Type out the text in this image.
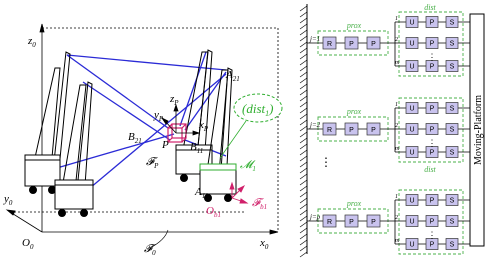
(dist$_1$)
$z_0$
$x_0$
$y_0$
$O_0$	𝓕$_0$
$z_P$
$y_P$	$x_P$
P
𝓕$_P$
$B_{21}$	$B_{11}$
$A_{21}$
$A_{11}$
𝓜$_1$
$O_{b1}$
𝓕$_{b1}$
Moving-Platform
j=1
prox
R P P
dist
1
U P S
2
U P S
m
U P S
⋮
j=2
prox
R P P
dist
1
U P S
2
U P S
m
U P S
⋮
j=p
prox
R P P
1
U P S
2
U P S
m
U P S
⋮
⋮
